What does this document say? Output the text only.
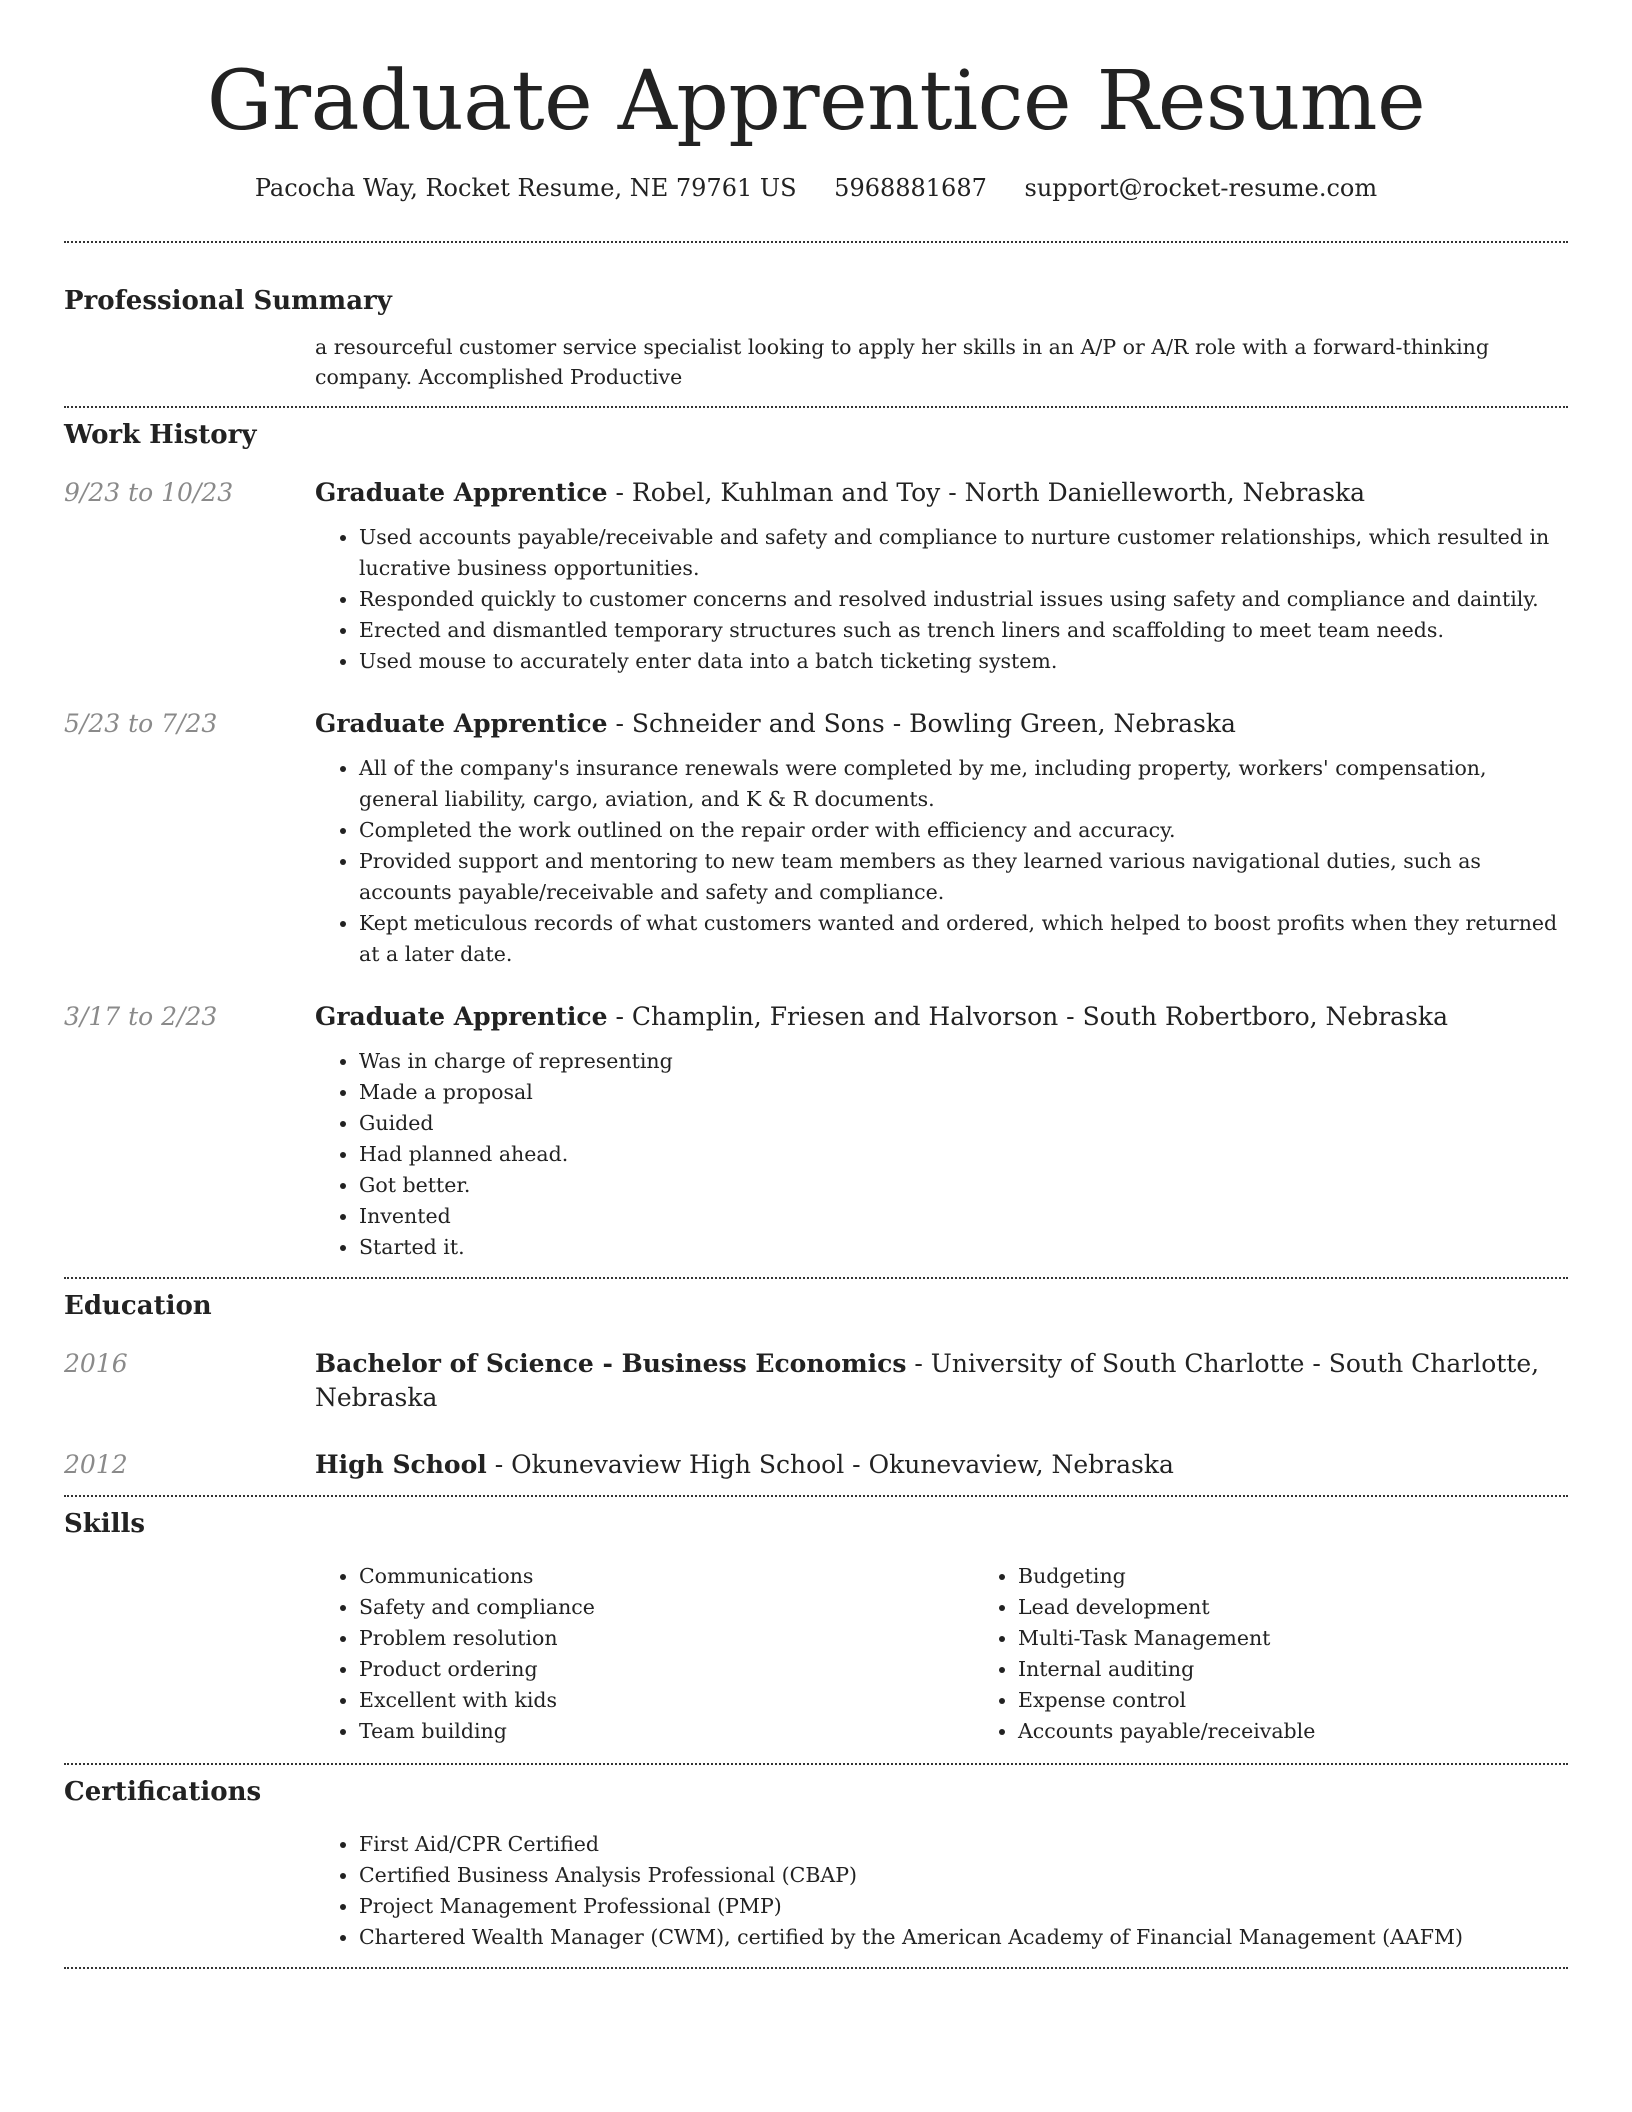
Graduate Apprentice Resume
Pacocha Way, Rocket Resume, NE 79761 US 5968881687 support@rocket-resume.com
Professional Summary
a resourceful customer service specialist looking to apply her skills in an A/P or A/R role with a forward-thinking company. Accomplished Productive
Work History
9/23 to 10/23	Graduate Apprentice - Robel, Kuhlman and Toy - North Danielleworth, Nebraska
• Used accounts payable/receivable and safety and compliance to nurture customer relationships, which resulted in lucrative business opportunities.
• Responded quickly to customer concerns and resolved industrial issues using safety and compliance and daintily.
• Erected and dismantled temporary structures such as trench liners and scaffolding to meet team needs.
• Used mouse to accurately enter data into a batch ticketing system.
5/23 to 7/23	Graduate Apprentice - Schneider and Sons - Bowling Green, Nebraska
• All of the company's insurance renewals were completed by me, including property, workers' compensation, general liability, cargo, aviation, and K & R documents.
• Completed the work outlined on the repair order with efficiency and accuracy.
• Provided support and mentoring to new team members as they learned various navigational duties, such as accounts payable/receivable and safety and compliance.
• Kept meticulous records of what customers wanted and ordered, which helped to boost profits when they returned at a later date.
3/17 to 2/23	Graduate Apprentice - Champlin, Friesen and Halvorson - South Robertboro, Nebraska
• Was in charge of representing
• Made a proposal
• Guided
• Had planned ahead.
• Got better.
• Invented
• Started it.
Education
2016	Bachelor of Science - Business Economics - University of South Charlotte - South Charlotte, Nebraska
2012	High School - Okunevaview High School - Okunevaview, Nebraska
Skills
• Communications
• Safety and compliance
• Problem resolution
• Product ordering
• Excellent with kids
• Team building
• Budgeting
• Lead development
• Multi-Task Management
• Internal auditing
• Expense control
• Accounts payable/receivable
Certifications
• First Aid/CPR Certified
• Certified Business Analysis Professional (CBAP)
• Project Management Professional (PMP)
• Chartered Wealth Manager (CWM), certified by the American Academy of Financial Management (AAFM)
